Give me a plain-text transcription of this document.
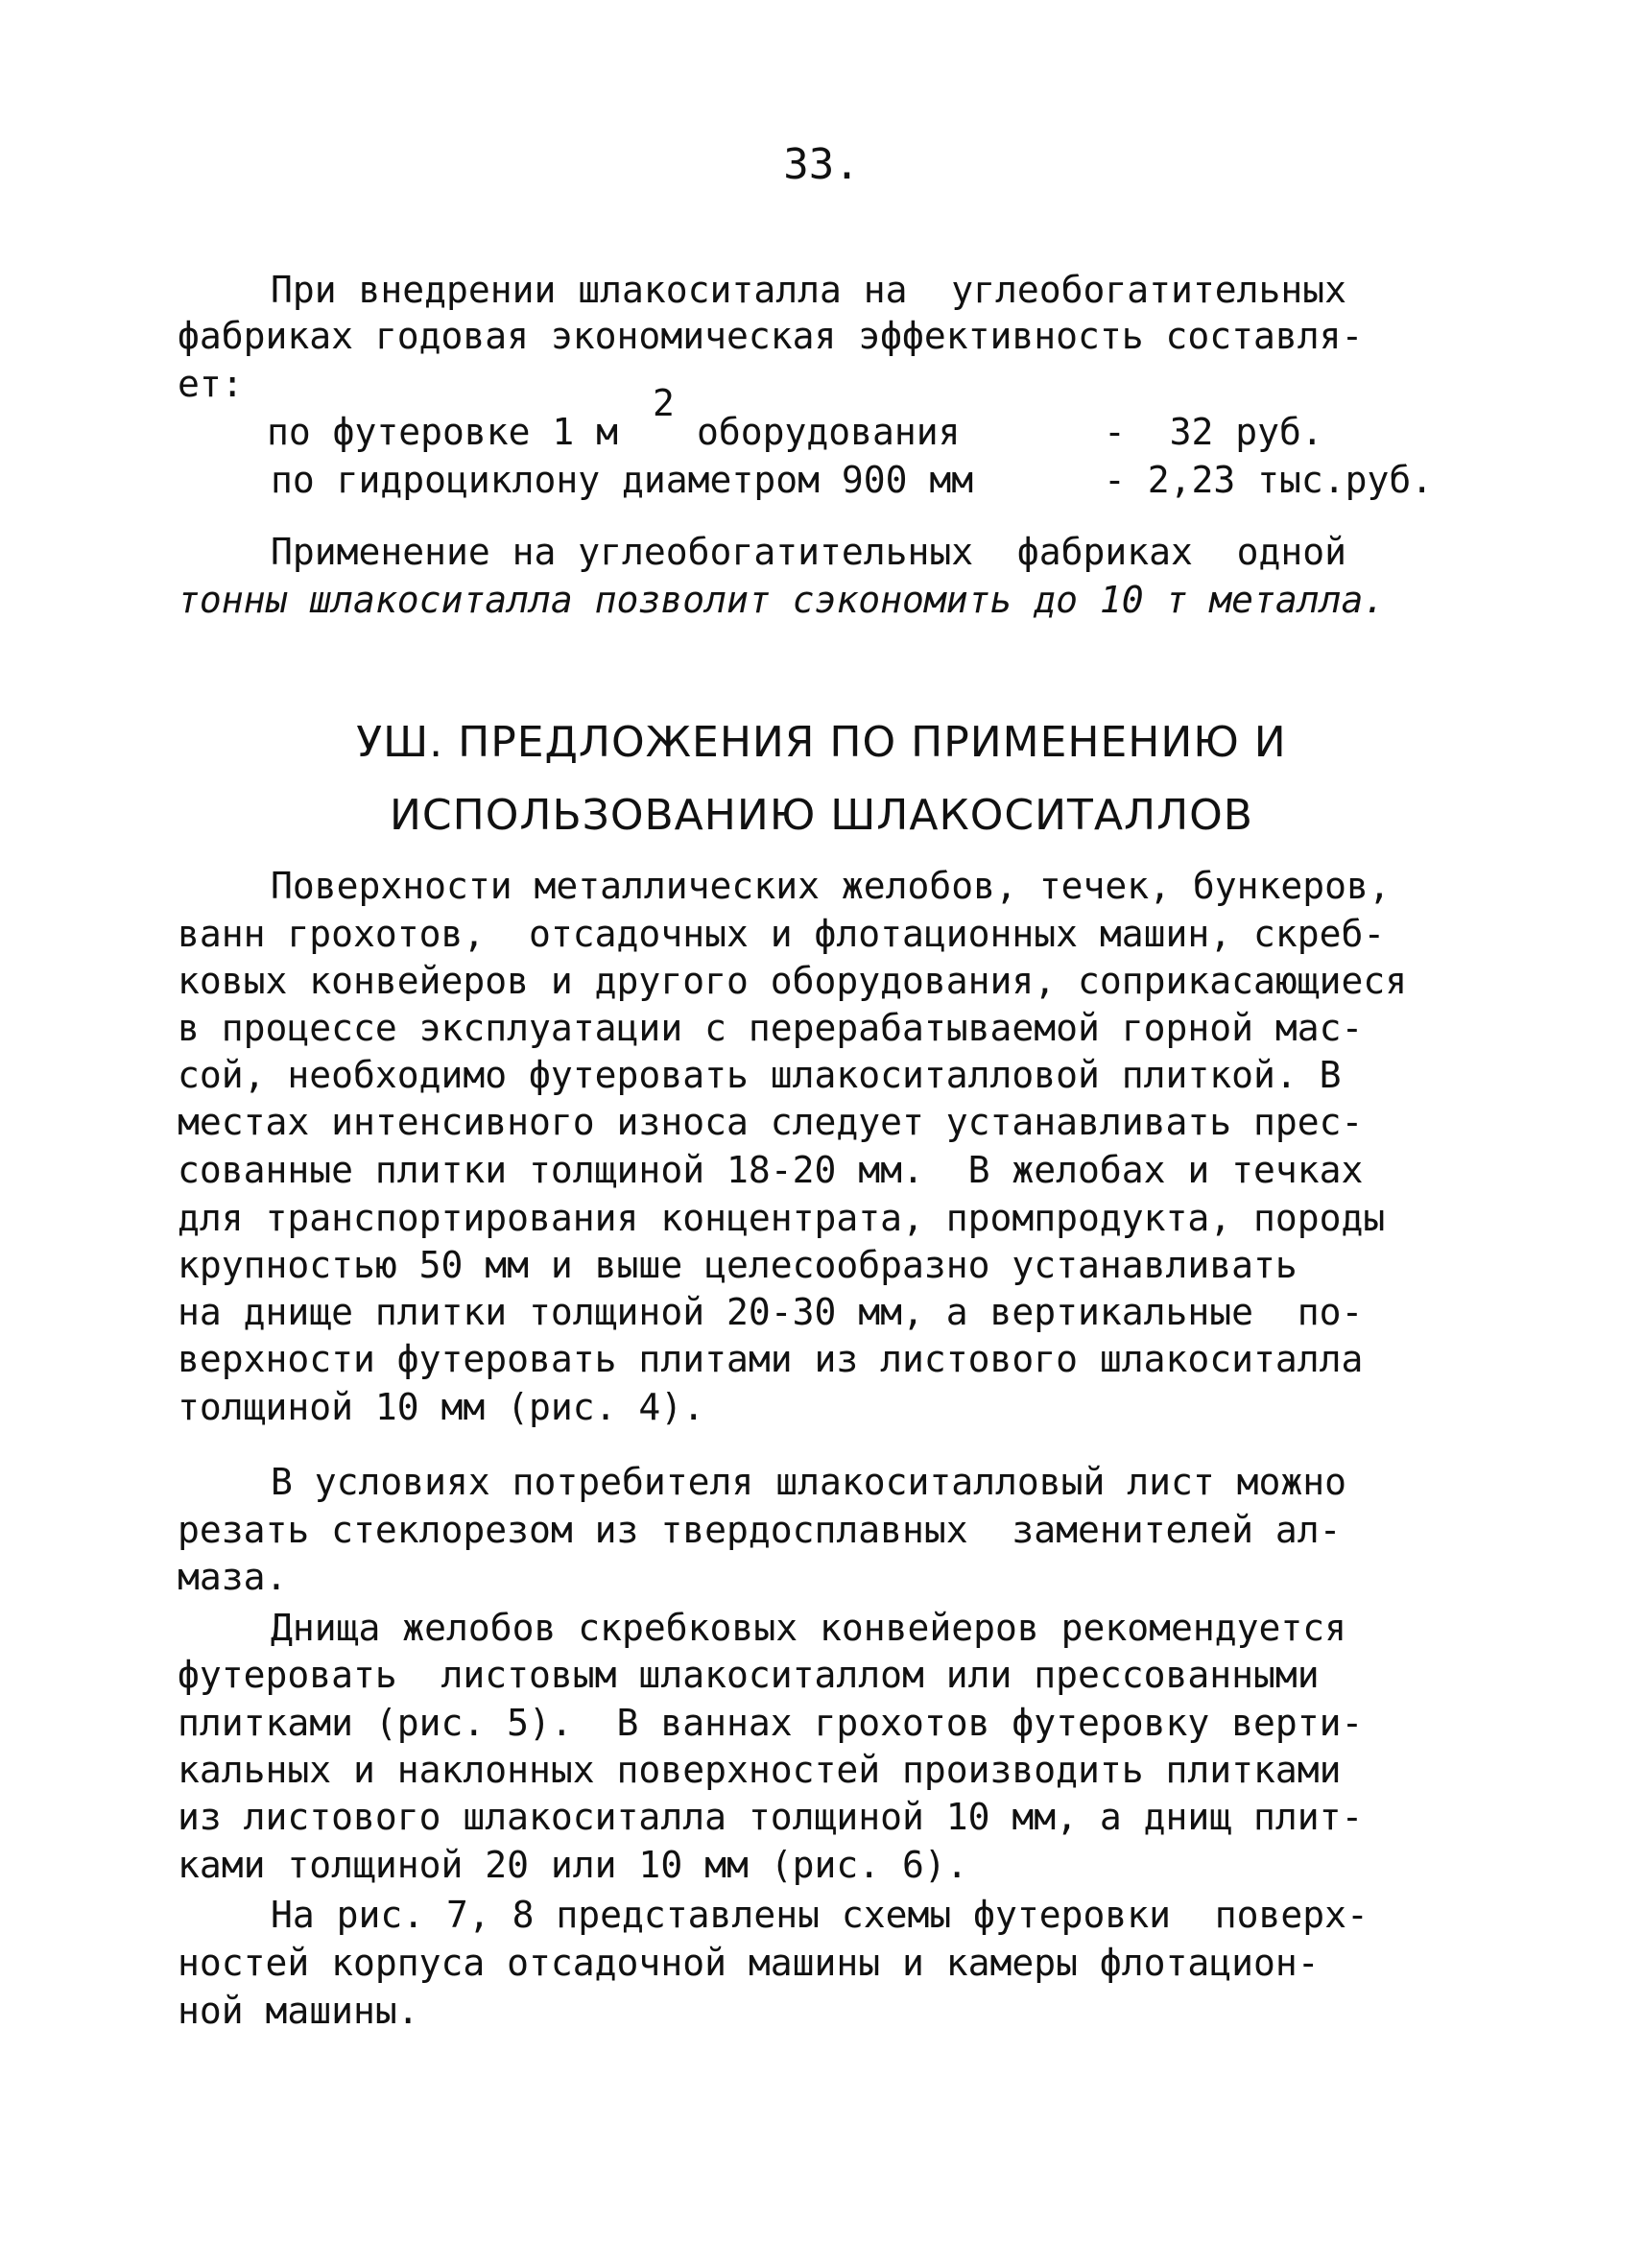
33.
При внедрении шлакоситалла на  углеобогатительных
фабриках годовая экономическая эффективность составля-
ет:
по футеровке 1 м
2
оборудования	-  32 руб.
по гидроциклону диаметром 900 мм	- 2,23 тыс.руб.
Применение на углеобогатительных  фабриках  одной
тонны шлакоситалла позволит сэкономить до 10 т металла.
УШ. ПРЕДЛОЖЕНИЯ ПО ПРИМЕНЕНИЮ И
ИСПОЛЬЗОВАНИЮ ШЛАКОСИТАЛЛОВ
Поверхности металлических желобов, течек, бункеров,
ванн грохотов,  отсадочных и флотационных машин, скреб-
ковых конвейеров и другого оборудования, соприкасающиеся
в процессе эксплуатации с перерабатываемой горной мас-
сой, необходимо футеровать шлакоситалловой плиткой. В
местах интенсивного износа следует устанавливать прес-
сованные плитки толщиной 18-20 мм.  В желобах и течках
для транспортирования концентрата, промпродукта, породы
крупностью 50 мм и выше целесообразно устанавливать
на днище плитки толщиной 20-30 мм, а вертикальные  по-
верхности футеровать плитами из листового шлакоситалла
толщиной 10 мм (рис. 4).
В условиях потребителя шлакоситалловый лист можно
резать стеклорезом из твердосплавных  заменителей ал-
маза.
Днища желобов скребковых конвейеров рекомендуется
футеровать  листовым шлакоситаллом или прессованными
плитками (рис. 5).  В ваннах грохотов футеровку верти-
кальных и наклонных поверхностей производить плитками
из листового шлакоситалла толщиной 10 мм, а днищ плит-
ками толщиной 20 или 10 мм (рис. 6).
На рис. 7, 8 представлены схемы футеровки  поверх-
ностей корпуса отсадочной машины и камеры флотацион-
ной машины.
